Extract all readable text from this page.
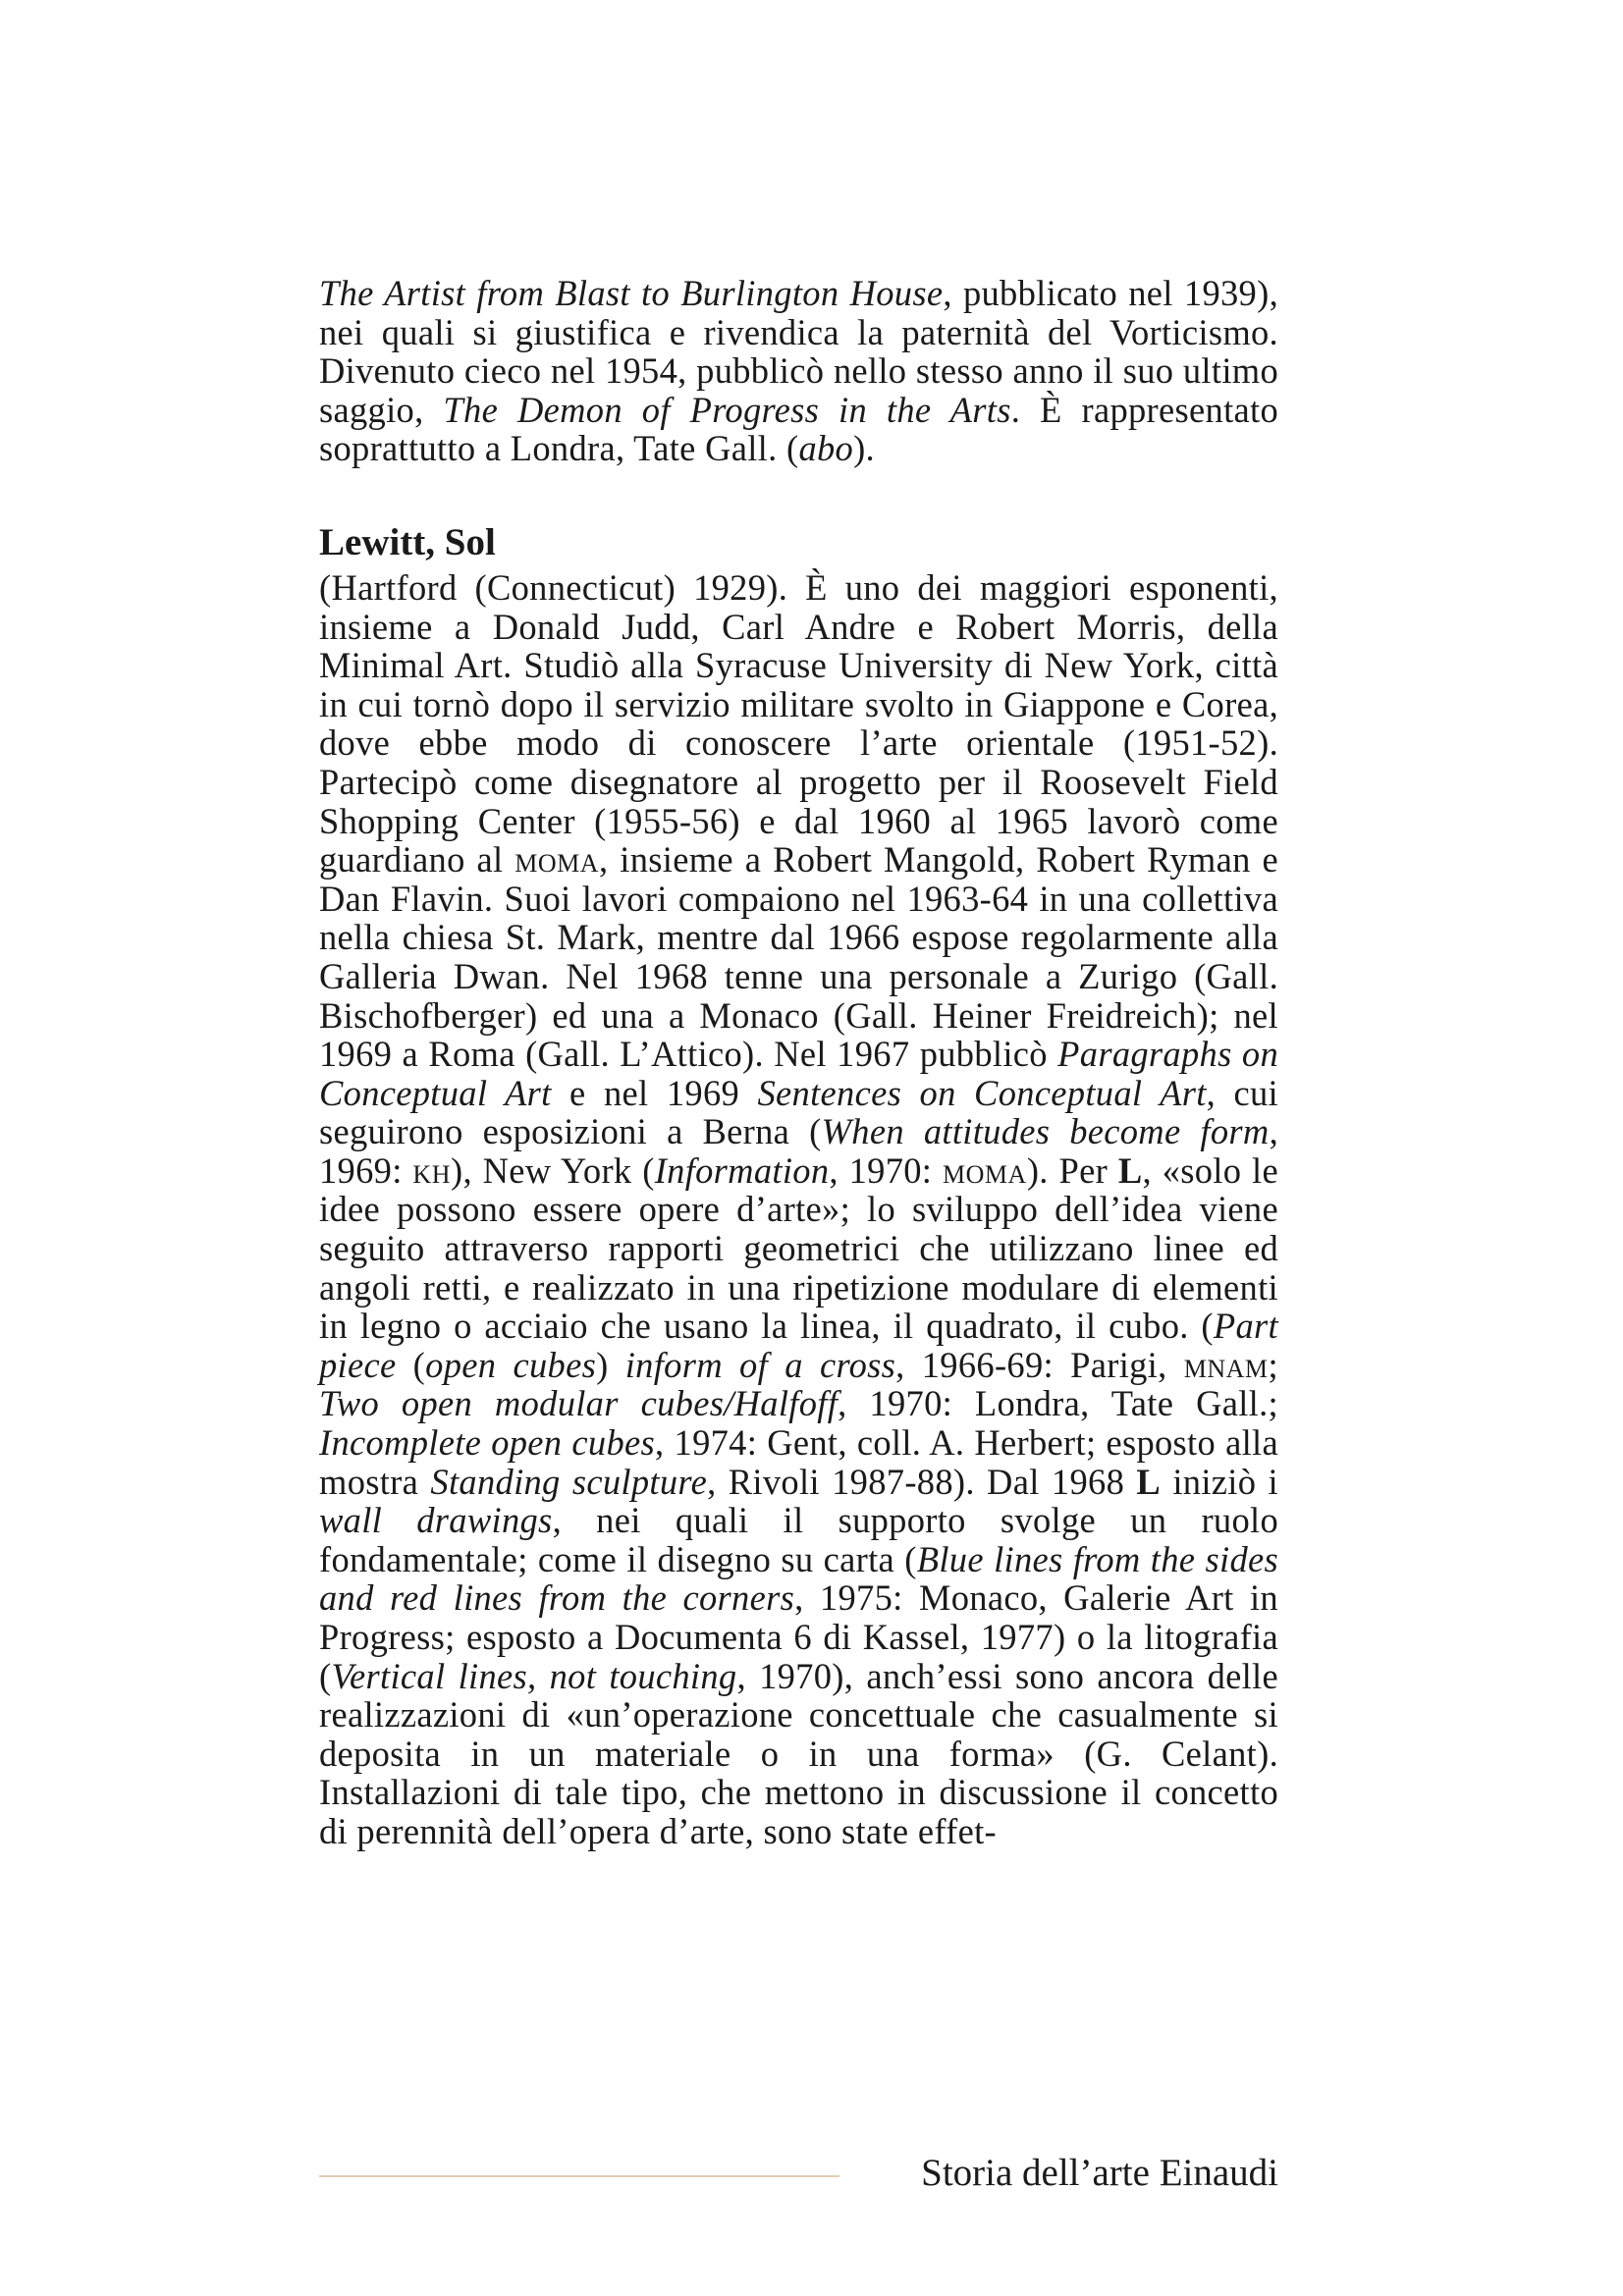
The Artist from Blast to Burlington House, pubblicato nel 1939), nei quali si giustifica e rivendica la paternità del Vorticismo. Divenuto cieco nel 1954, pubblicò nello stesso anno il suo ultimo saggio, The Demon of Progress in the Arts. È rappresentato soprattutto a Londra, Tate Gall. (abo).

Lewitt, Sol

(Hartford (Connecticut) 1929). È uno dei maggiori esponenti, insieme a Donald Judd, Carl Andre e Robert Morris, della Minimal Art. Studiò alla Syracuse University di New York, città in cui tornò dopo il servizio militare svolto in Giappone e Corea, dove ebbe modo di conoscere l’arte orientale (1951-52). Partecipò come disegnatore al progetto per il Roosevelt Field Shopping Center (1955-56) e dal 1960 al 1965 lavorò come guardiano al moma, insieme a Robert Mangold, Robert Ryman e Dan Flavin. Suoi lavori compaiono nel 1963-64 in una collettiva nella chiesa St. Mark, mentre dal 1966 espose regolarmente alla Galleria Dwan. Nel 1968 tenne una personale a Zurigo (Gall. Bischofberger) ed una a Monaco (Gall. Heiner Freidreich); nel 1969 a Roma (Gall. L’Attico). Nel 1967 pubblicò Paragraphs on Conceptual Art e nel 1969 Sentences on Conceptual Art, cui seguirono esposizioni a Berna (When attitudes become form, 1969: kh), New York (Information, 1970: moma). Per L, «solo le idee possono essere opere d’arte»; lo sviluppo dell’idea viene seguito attraverso rapporti geometrici che utilizzano linee ed angoli retti, e realizzato in una ripetizione modulare di elementi in legno o acciaio che usano la linea, il quadrato, il cubo. (Part piece (open cubes) inform of a cross, 1966-69: Parigi, mnam; Two open modular cubes/Halfoff, 1970: Londra, Tate Gall.; Incomplete open cubes, 1974: Gent, coll. A. Herbert; esposto alla mostra Standing sculpture, Rivoli 1987-88). Dal 1968 L iniziò i wall drawings, nei quali il supporto svolge un ruolo fondamentale; come il disegno su carta (Blue lines from the sides and red lines from the corners, 1975: Monaco, Galerie Art in Progress; esposto a Documenta 6 di Kassel, 1977) o la litografia (Vertical lines, not touching, 1970), anch’essi sono ancora delle realizzazioni di «un’operazione concettuale che casualmente si deposita in un materiale o in una forma» (G. Celant). Installazioni di tale tipo, che mettono in discussione il concetto di perennità dell’opera d’arte, sono state effet-

Storia dell’arte Einaudi
